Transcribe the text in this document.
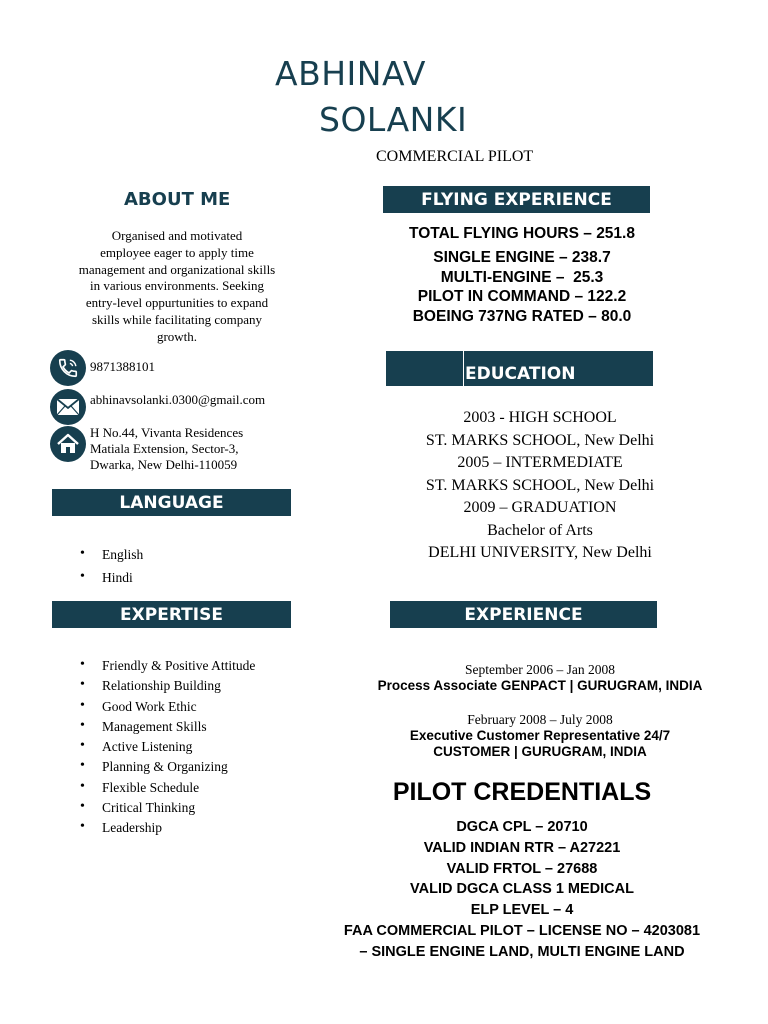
ABHINAV
SOLANKI
COMMERCIAL PILOT
ABOUT ME
Organised and motivated
employee eager to apply time
management and organizational skills
in various environments. Seeking
entry-level oppurtunities to expand
skills while facilitating company
growth.
9871388101
abhinavsolanki.0300@gmail.com
H No.44, Vivanta Residences
Matiala Extension, Sector-3,
Dwarka, New Delhi-110059
LANGUAGE
• English
• Hindi
EXPERTISE
• Friendly & Positive Attitude
• Relationship Building
• Good Work Ethic
• Management Skills
• Active Listening
• Planning & Organizing
• Flexible Schedule
• Critical Thinking
• Leadership
FLYING EXPERIENCE
TOTAL FLYING HOURS – 251.8
SINGLE ENGINE – 238.7
MULTI-ENGINE –  25.3
PILOT IN COMMAND – 122.2
BOEING 737NG RATED – 80.0
EDUCATION
2003 - HIGH SCHOOL
ST. MARKS SCHOOL, New Delhi
2005 – INTERMEDIATE
ST. MARKS SCHOOL, New Delhi
2009 – GRADUATION
Bachelor of Arts
DELHI UNIVERSITY, New Delhi
EXPERIENCE
September 2006 – Jan 2008
Process Associate GENPACT | GURUGRAM, INDIA
February 2008 – July 2008
Executive Customer Representative 24/7
CUSTOMER | GURUGRAM, INDIA
PILOT CREDENTIALS
DGCA CPL – 20710
VALID INDIAN RTR – A27221
VALID FRTOL – 27688
VALID DGCA CLASS 1 MEDICAL
ELP LEVEL – 4
FAA COMMERCIAL PILOT – LICENSE NO – 4203081
– SINGLE ENGINE LAND, MULTI ENGINE LAND
